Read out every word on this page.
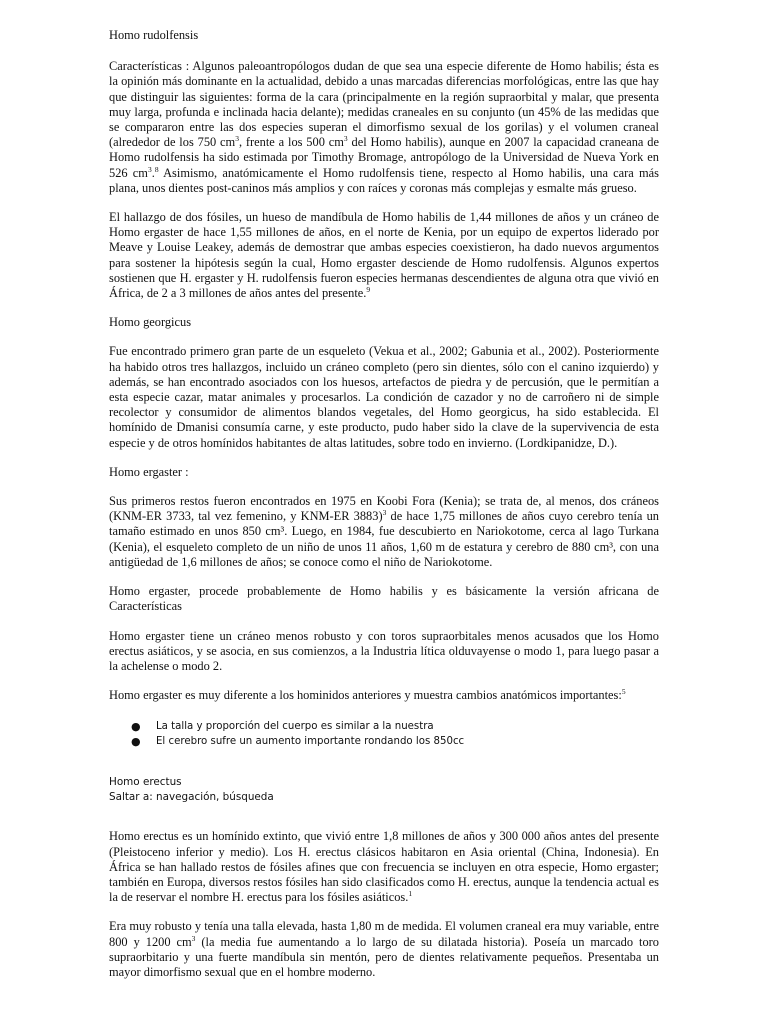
Homo rudolfensis

Características : Algunos paleoantropólogos dudan de que sea una especie diferente de Homo habilis; ésta es la opinión más dominante en la actualidad, debido a unas marcadas diferencias morfológicas, entre las que hay que distinguir las siguientes: forma de la cara (principalmente en la región supraorbital y malar, que presenta muy larga, profunda e inclinada hacia delante); medidas craneales en su conjunto (un 45% de las medidas que se compararon entre las dos especies superan el dimorfismo sexual de los gorilas) y el volumen craneal (alrededor de los 750 $cm^3$, frente a los 500 $cm^3$ del Homo habilis), aunque en 2007 la capacidad craneana de Homo rudolfensis ha sido estimada por Timothy Bromage, antropólogo de la Universidad de Nueva York en 526 $cm^3.^8$ Asimismo, anatómicamente el Homo rudolfensis tiene, respecto al Homo habilis, una cara más plana, unos dientes post-caninos más amplios y con raíces y coronas más complejas y esmalte más grueso.

El hallazgo de dos fósiles, un hueso de mandíbula de Homo habilis de 1,44 millones de años y un cráneo de Homo ergaster de hace 1,55 millones de años, en el norte de Kenia, por un equipo de expertos liderado por Meave y Louise Leakey, además de demostrar que ambas especies coexistieron, ha dado nuevos argumentos para sostener la hipótesis según la cual, Homo ergaster desciende de Homo rudolfensis. Algunos expertos sostienen que H. ergaster y H. rudolfensis fueron especies hermanas descendientes de alguna otra que vivió en África, de 2 a 3 millones de años antes del presente.$^9$

Homo georgicus

Fue encontrado primero gran parte de un esqueleto (Vekua et al., 2002; Gabunia et al., 2002). Posteriormente ha habido otros tres hallazgos, incluido un cráneo completo (pero sin dientes, sólo con el canino izquierdo) y además, se han encontrado asociados con los huesos, artefactos de piedra y de percusión, que le permitían a esta especie cazar, matar animales y procesarlos. La condición de cazador y no de carroñero ni de simple recolector y consumidor de alimentos blandos vegetales, del Homo georgicus, ha sido establecida. El homínido de Dmanisi consumía carne, y este producto, pudo haber sido la clave de la supervivencia de esta especie y de otros homínidos habitantes de altas latitudes, sobre todo en invierno. (Lordkipanidze, D.).

Homo ergaster :

Sus primeros restos fueron encontrados en 1975 en Koobi Fora (Kenia); se trata de, al menos, dos cráneos (KNM-ER 3733, tal vez femenino, y KNM-ER 3883)$^3$ de hace 1,75 millones de años cuyo cerebro tenía un tamaño estimado en unos 850 cm³. Luego, en 1984, fue descubierto en Nariokotome, cerca al lago Turkana (Kenia), el esqueleto completo de un niño de unos 11 años, 1,60 m de estatura y cerebro de 880 cm³, con una antigüedad de 1,6 millones de años; se conoce como el niño de Nariokotome.

Homo ergaster, procede probablemente de Homo habilis y es básicamente la versión africana de Características

Homo ergaster tiene un cráneo menos robusto y con toros supraorbitales menos acusados que los Homo erectus asiáticos, y se asocia, en sus comienzos, a la Industria lítica olduvayense o modo 1, para luego pasar a la achelense o modo 2.

Homo ergaster es muy diferente a los hominidos anteriores y muestra cambios anatómicos importantes:$^5$

● La talla y proporción del cuerpo es similar a la nuestra
● El cerebro sufre un aumento importante rondando los 850cc

Homo erectus

Saltar a: navegación, búsqueda

Homo erectus es un homínido extinto, que vivió entre 1,8 millones de años y 300 000 años antes del presente (Pleistoceno inferior y medio). Los H. erectus clásicos habitaron en Asia oriental (China, Indonesia). En África se han hallado restos de fósiles afines que con frecuencia se incluyen en otra especie, Homo ergaster; también en Europa, diversos restos fósiles han sido clasificados como H. erectus, aunque la tendencia actual es la de reservar el nombre H. erectus para los fósiles asiáticos.$^1$

Era muy robusto y tenía una talla elevada, hasta 1,80 m de medida. El volumen craneal era muy variable, entre 800 y 1200 $cm^3$ (la media fue aumentando a lo largo de su dilatada historia). Poseía un marcado toro supraorbitario y una fuerte mandíbula sin mentón, pero de dientes relativamente pequeños. Presentaba un mayor dimorfismo sexual que en el hombre moderno.
